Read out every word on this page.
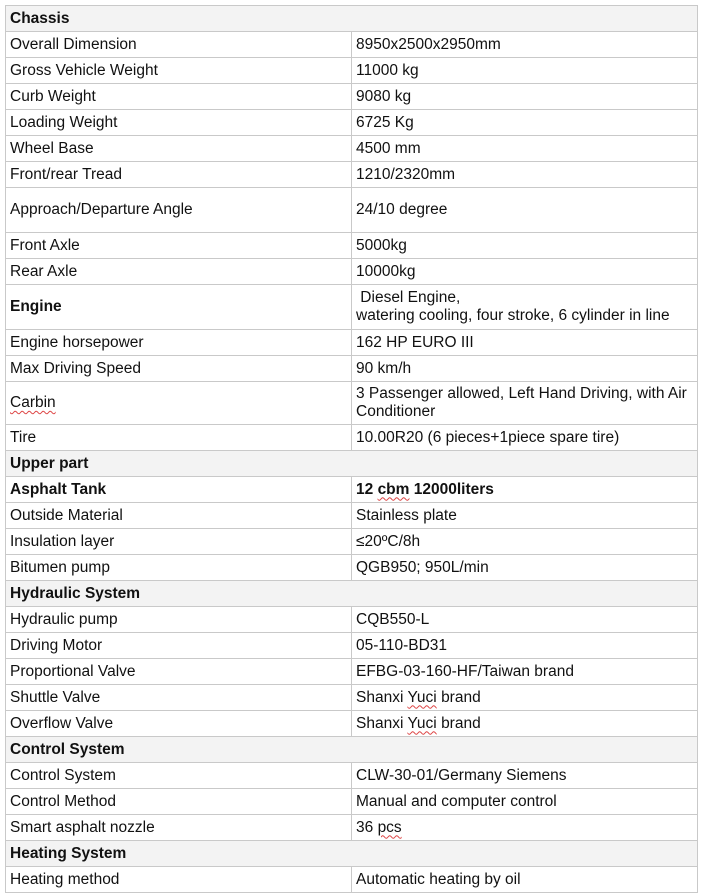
Chassis	
Overall Dimension	8950x2500x2950mm
Gross Vehicle Weight	11000 kg
Curb Weight	9080 kg
Loading Weight	6725 Kg
Wheel Base	4500 mm
Front/rear Tread	1210/2320mm
Approach/Departure Angle	24/10 degree
Front Axle	5000kg
Rear Axle	10000kg
Engine	Diesel Engine,
watering cooling, four stroke, 6 cylinder in line

Engine horsepower	162 HP EURO III
Max Driving Speed	90 km/h
Carbin	3 Passenger allowed, Left Hand Driving, with Air Conditioner
Tire	10.00R20 (6 pieces+1piece spare tire)
Upper part	
Asphalt Tank	12 cbm 12000liters
Outside Material	Stainless plate
Insulation layer	≤20ºC/8h
Bitumen pump	QGB950; 950L/min
Hydraulic System	
Hydraulic pump	CQB550-L
Driving Motor	05-110-BD31
Proportional Valve	EFBG-03-160-HF/Taiwan brand
Shuttle Valve	Shanxi Yuci brand
Overflow Valve	Shanxi Yuci brand
Control System	
Control System	CLW-30-01/Germany Siemens
Control Method	Manual and computer control
Smart asphalt nozzle	36 pcs
Heating System	
Heating method	Automatic heating by oil
